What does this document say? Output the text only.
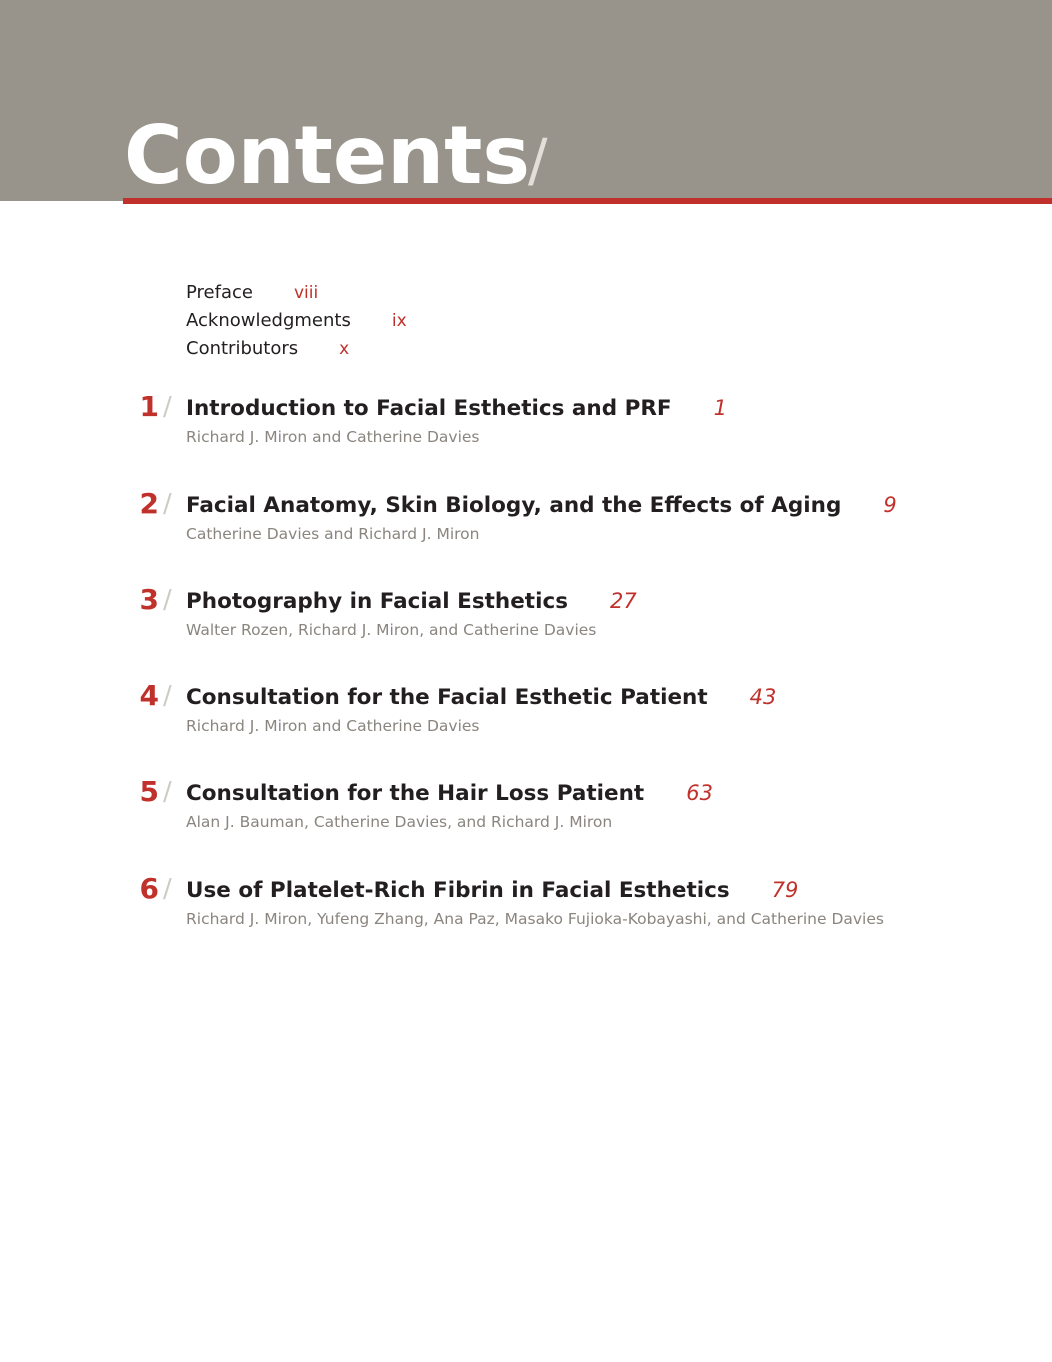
Contents
/
Preface viii
Acknowledgments ix
Contributors x
1 / Introduction to Facial Esthetics and PRF 1
Richard J. Miron and Catherine Davies
2 / Facial Anatomy, Skin Biology, and the Effects of Aging 9
Catherine Davies and Richard J. Miron
3 / Photography in Facial Esthetics 27
Walter Rozen, Richard J. Miron, and Catherine Davies
4 / Consultation for the Facial Esthetic Patient 43
Richard J. Miron and Catherine Davies
5 / Consultation for the Hair Loss Patient 63
Alan J. Bauman, Catherine Davies, and Richard J. Miron
6 / Use of Platelet-Rich Fibrin in Facial Esthetics 79
Richard J. Miron, Yufeng Zhang, Ana Paz, Masako Fujioka-Kobayashi, and Catherine Davies
